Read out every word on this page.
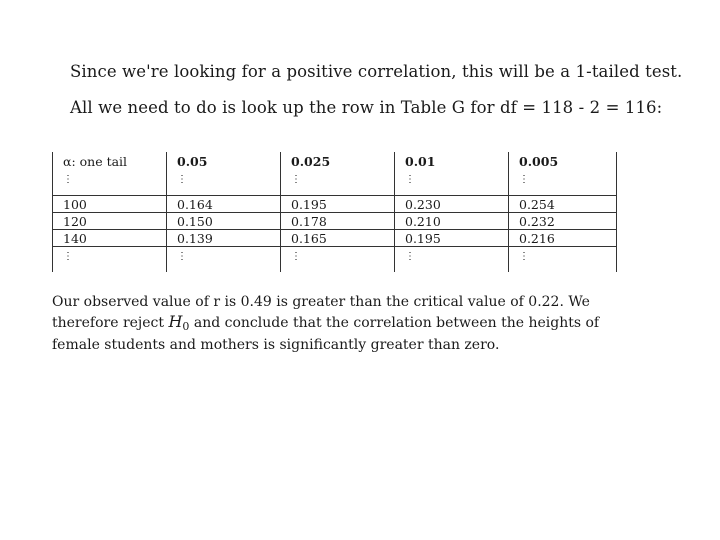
Since we're looking for a positive correlation, this will be a 1-tailed test.
All we need to do is look up the row in Table G for df = 118 - 2 = 116:
α: one tail	0.05	0.025	0.01	0.005
⋮	⋮	⋮	⋮	⋮
100	0.164	0.195	0.230	0.254
120	0.150	0.178	0.210	0.232
140	0.139	0.165	0.195	0.216
⋮	⋮	⋮	⋮	⋮
Our observed value of r is 0.49 is greater than the critical value of 0.22. We therefore reject $H_0$ and conclude that the correlation between the heights of female students and mothers is significantly greater than zero.
